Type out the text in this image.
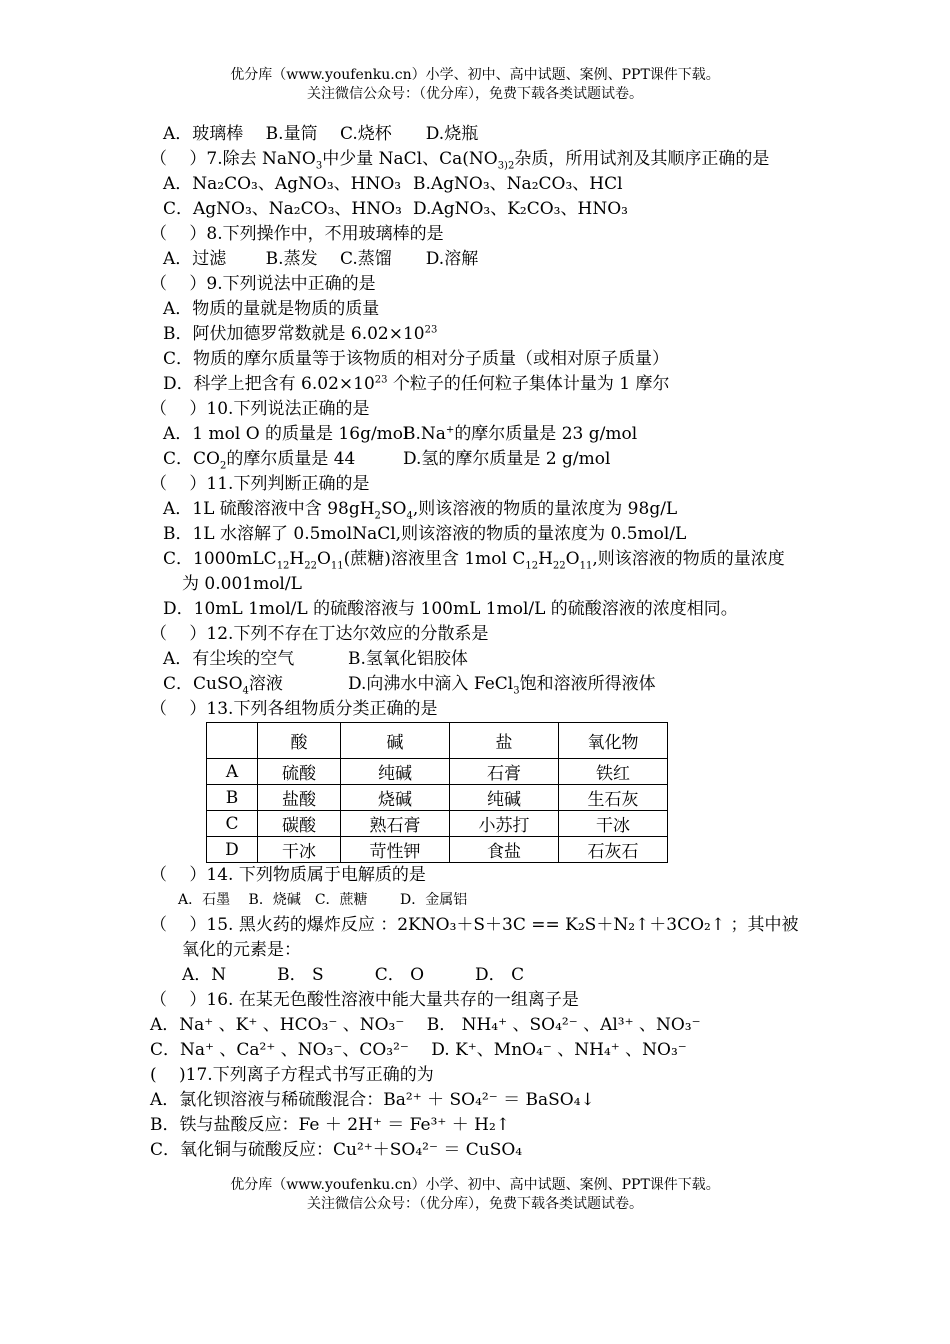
优分库（www.youfenku.cn）小学、初中、高中试题、案例、PPT课件下载。
关注微信公众号：（优分库），免费下载各类试题试卷。
A．玻璃棒　 B.量筒　 C.烧杯　　D.烧瓶
（　 ）7.除去 NaNO$_3$中少量 NaCl、$Ca(NO_{3)2}$杂质，所用试剂及其顺序正确的是
A．Na₂CO₃、AgNO₃、HNO₃ B.AgNO₃、Na₂CO₃、HCl
C．AgNO₃、Na₂CO₃、HNO₃ D.AgNO₃、K₂CO₃、HNO₃
（　 ）8.下列操作中，不用玻璃棒的是
A．过滤　　 B.蒸发　 C.蒸馏　　D.溶解
（　 ）9.下列说法中正确的是
A．物质的量就是物质的质量
B．阿伏加德罗常数就是 $6.02\times 10^{23}$
C．物质的摩尔质量等于该物质的相对分子质量（或相对原子质量）
D．科学上把含有 $6.02\times 10^{23}$ 个粒子的任何粒子集体计量为 1 摩尔
（　 ）10.下列说法正确的是
A．1 mol O 的质量是 16g/molB.Na+的摩尔质量是 23 g/mol
C．$CO_2$的摩尔质量是 44	D.氢的摩尔质量是 2 g/mol
（　 ）11.下列判断正确的是
A．1L 硫酸溶液中含 $98gH_2SO_4$,则该溶液的物质的量浓度为 98g/L
B．1L 水溶解了 0.5molNaCl,则该溶液的物质的量浓度为 0.5mol/L
C．$1000mLC_{12}H_{22}O_{11}$(蔗糖)溶液里含 1mol $C_{12}H_{22}O_{11}$,则该溶液的物质的量浓度
为 0.001mol/L
D．10mL 1mol/L 的硫酸溶液与 100mL 1mol/L 的硫酸溶液的浓度相同。
（　 ）12.下列不存在丁达尔效应的分散系是
A．有尘埃的空气	B.氢氧化铝胶体
C．CuSO$_4$溶液	D.向沸水中滴入 FeCl$_3$饱和溶液所得液体
（　 ）13.下列各组物质分类正确的是
	酸	碱	盐	氧化物
A	硫酸	纯碱	石膏	铁红
B	盐酸	烧碱	纯碱	生石灰
C	碳酸	熟石膏	小苏打	干冰
D	干冰	苛性钾	食盐	石灰石
（　 ）14. 下列物质属于电解质的是
A．石墨　 B．烧碱　C．蔗糖　　 D．金属铝
（　 ）15. 黑火药的爆炸反应 ：2KNO₃＋S＋3C == K₂S＋N₂↑＋3CO₂↑ ；其中被
氧化的元素是：
A．N　　　B． S　　　C． O　　　D． C
（　 ）16. 在某无色酸性溶液中能大量共存的一组离子是
A．Na⁺ 、K⁺ 、HCO₃⁻ 、NO₃⁻　 B． NH₄⁺ 、SO₄²⁻ 、Al³⁺ 、NO₃⁻
C．Na⁺ 、Ca²⁺ 、NO₃⁻、CO₃²⁻　 D. K⁺、MnO₄⁻ 、NH₄⁺ 、NO₃⁻
(　 )17.下列离子方程式书写正确的为
A．氯化钡溶液与稀硫酸混合：Ba²⁺ ＋ SO₄²⁻ ＝ BaSO₄↓
B．铁与盐酸反应：Fe ＋ 2H⁺ ＝ Fe³⁺ ＋ H₂↑
C．氧化铜与硫酸反应：Cu²⁺＋SO₄²⁻ ＝ CuSO₄
优分库（www.youfenku.cn）小学、初中、高中试题、案例、PPT课件下载。
关注微信公众号：（优分库），免费下载各类试题试卷。
